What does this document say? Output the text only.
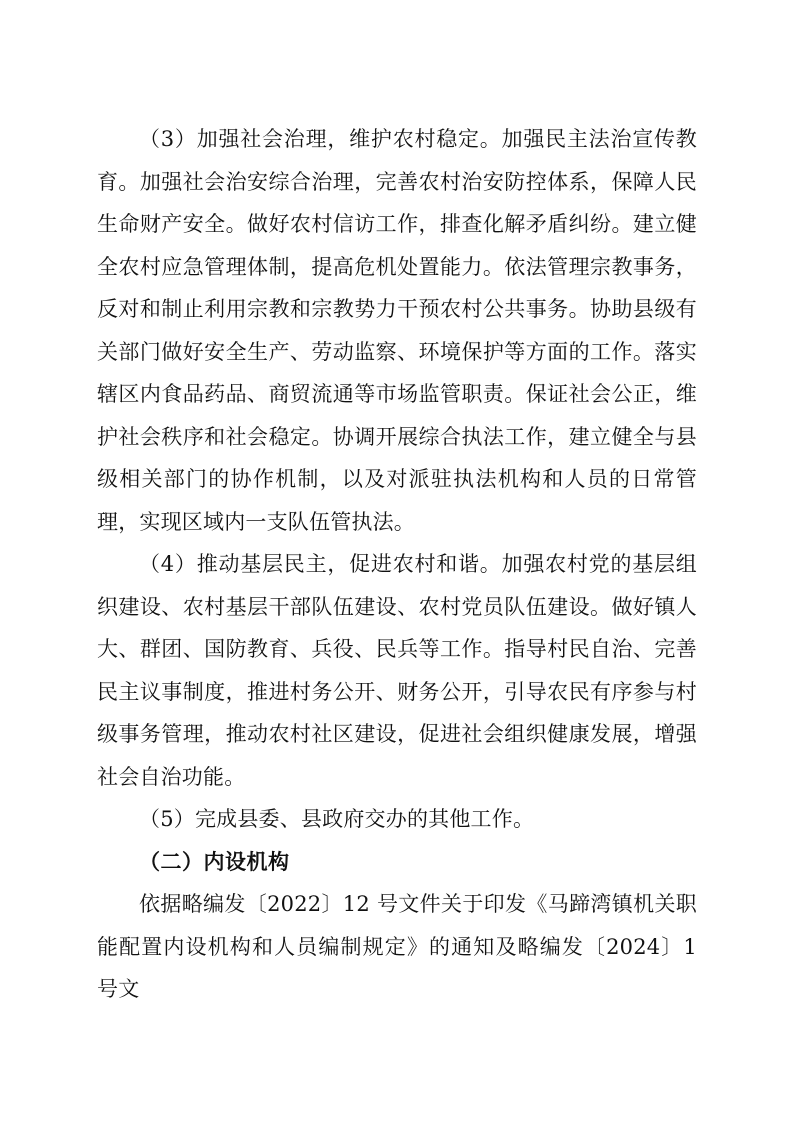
（3）加强社会治理，维护农村稳定。加强民主法治宣传教育。加强社会治安综合治理，完善农村治安防控体系，保障人民生命财产安全。做好农村信访工作，排查化解矛盾纠纷。建立健全农村应急管理体制，提高危机处置能力。依法管理宗教事务，反对和制止利用宗教和宗教势力干预农村公共事务。协助县级有关部门做好安全生产、劳动监察、环境保护等方面的工作。落实辖区内食品药品、商贸流通等市场监管职责。保证社会公正，维护社会秩序和社会稳定。协调开展综合执法工作，建立健全与县级相关部门的协作机制，以及对派驻执法机构和人员的日常管理，实现区域内一支队伍管执法。

（4）推动基层民主，促进农村和谐。加强农村党的基层组织建设、农村基层干部队伍建设、农村党员队伍建设。做好镇人大、群团、国防教育、兵役、民兵等工作。指导村民自治、完善民主议事制度，推进村务公开、财务公开，引导农民有序参与村级事务管理，推动农村社区建设，促进社会组织健康发展，增强社会自治功能。

（5）完成县委、县政府交办的其他工作。

（二）内设机构

依据略编发〔2022〕12 号文件关于印发《马蹄湾镇机关职能配置内设机构和人员编制规定》的通知及略编发〔2024〕1 号文
